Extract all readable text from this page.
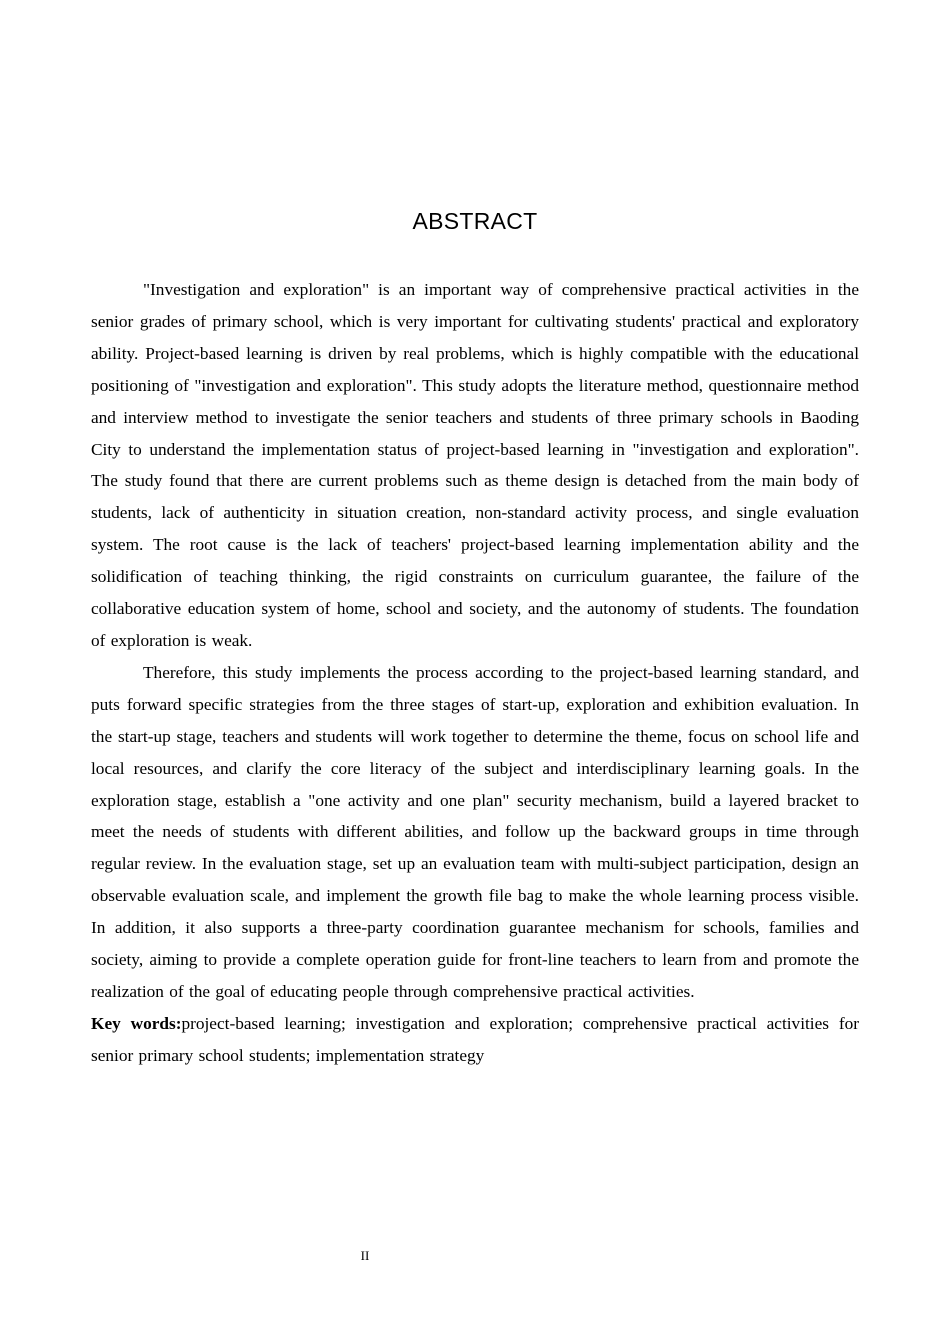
ABSTRACT

"Investigation and exploration" is an important way of comprehensive practical activities in the senior grades of primary school, which is very important for cultivating students' practical and exploratory ability. Project-based learning is driven by real problems, which is highly compatible with the educational positioning of "investigation and exploration". This study adopts the literature method, questionnaire method and interview method to investigate the senior teachers and students of three primary schools in Baoding City to understand the implementation status of project-based learning in "investigation and exploration". The study found that there are current problems such as theme design is detached from the main body of students, lack of authenticity in situation creation, non-standard activity process, and single evaluation system. The root cause is the lack of teachers' project-based learning implementation ability and the solidification of teaching thinking, the rigid constraints on curriculum guarantee, the failure of the collaborative education system of home, school and society, and the autonomy of students. The foundation of exploration is weak.

Therefore, this study implements the process according to the project-based learning standard, and puts forward specific strategies from the three stages of start-up, exploration and exhibition evaluation. In the start-up stage, teachers and students will work together to determine the theme, focus on school life and local resources, and clarify the core literacy of the subject and interdisciplinary learning goals. In the exploration stage, establish a "one activity and one plan" security mechanism, build a layered bracket to meet the needs of students with different abilities, and follow up the backward groups in time through regular review. In the evaluation stage, set up an evaluation team with multi-subject participation, design an observable evaluation scale, and implement the growth file bag to make the whole learning process visible. In addition, it also supports a three-party coordination guarantee mechanism for schools, families and society, aiming to provide a complete operation guide for front-line teachers to learn from and promote the realization of the goal of educating people through comprehensive practical activities.

Key words:project-based learning; investigation and exploration; comprehensive practical activities for senior primary school students; implementation strategy

II
